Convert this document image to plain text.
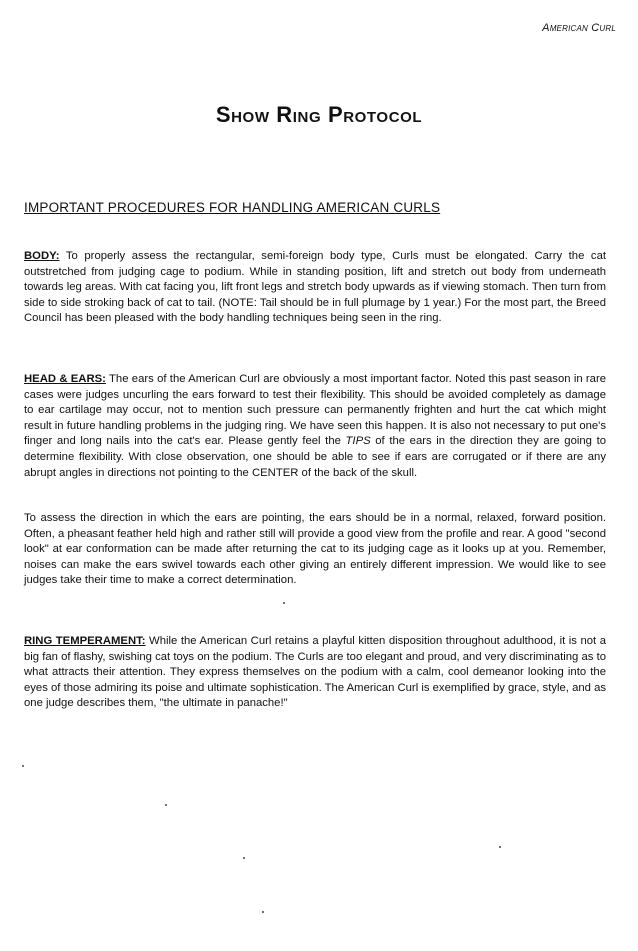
American Curl
Show Ring Protocol
IMPORTANT PROCEDURES FOR HANDLING AMERICAN CURLS

BODY: To properly assess the rectangular, semi-foreign body type, Curls must be elongated. Carry the cat outstretched from judging cage to podium. While in standing position, lift and stretch out body from underneath towards leg areas. With cat facing you, lift front legs and stretch body upwards as if viewing stomach. Then turn from side to side stroking back of cat to tail. (NOTE: Tail should be in full plumage by 1 year.) For the most part, the Breed Council has been pleased with the body handling techniques being seen in the ring.

HEAD & EARS: The ears of the American Curl are obviously a most important factor. Noted this past season in rare cases were judges uncurling the ears forward to test their flexibility. This should be avoided completely as damage to ear cartilage may occur, not to mention such pressure can permanently frighten and hurt the cat which might result in future handling problems in the judging ring. We have seen this happen. It is also not necessary to put one's finger and long nails into the cat's ear. Please gently feel the TIPS of the ears in the direction they are going to determine flexibility. With close observation, one should be able to see if ears are corrugated or if there are any abrupt angles in directions not pointing to the CENTER of the back of the skull.

To assess the direction in which the ears are pointing, the ears should be in a normal, relaxed, forward position. Often, a pheasant feather held high and rather still will provide a good view from the profile and rear. A good "second look" at ear conformation can be made after returning the cat to its judging cage as it looks up at you. Remember, noises can make the ears swivel towards each other giving an entirely different impression. We would like to see judges take their time to make a correct determination.

RING TEMPERAMENT: While the American Curl retains a playful kitten disposition throughout adulthood, it is not a big fan of flashy, swishing cat toys on the podium. The Curls are too elegant and proud, and very discriminating as to what attracts their attention. They express themselves on the podium with a calm, cool demeanor looking into the eyes of those admiring its poise and ultimate sophistication. The American Curl is exemplified by grace, style, and as one judge describes them, "the ultimate in panache!"
